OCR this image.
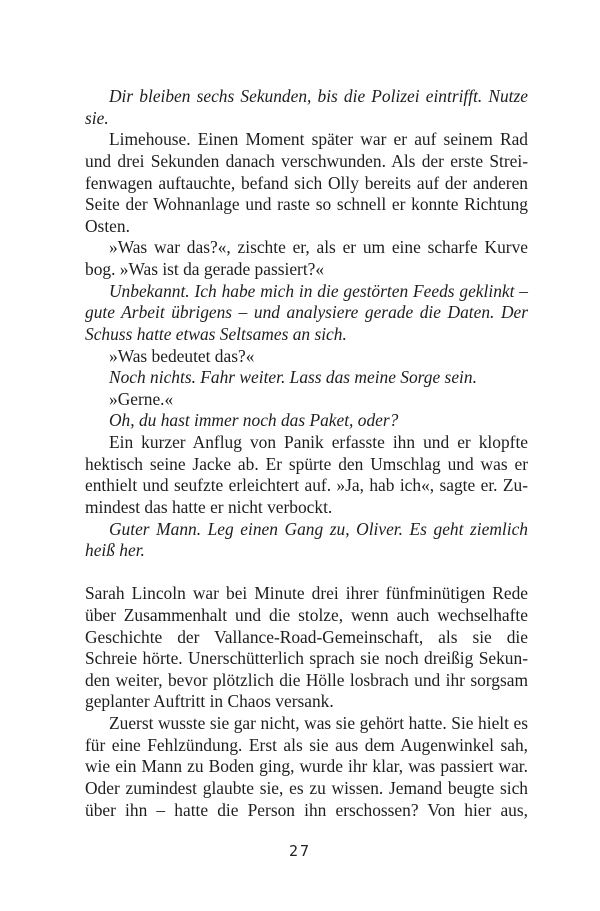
Dir bleiben sechs Sekunden, bis die Polizei eintrifft. Nutze sie.

Limehouse. Einen Moment später war er auf seinem Rad und drei Sekunden danach verschwunden. Als der erste Streifenwagen auftauchte, befand sich Olly bereits auf der anderen Seite der Wohnanlage und raste so schnell er konnte Richtung Osten.

»Was war das?«, zischte er, als er um eine scharfe Kurve bog. »Was ist da gerade passiert?«

Unbekannt. Ich habe mich in die gestörten Feeds geklinkt – gute Arbeit übrigens – und analysiere gerade die Daten. Der Schuss hatte etwas Seltsames an sich.

»Was bedeutet das?«

Noch nichts. Fahr weiter. Lass das meine Sorge sein.

»Gerne.«

Oh, du hast immer noch das Paket, oder?

Ein kurzer Anflug von Panik erfasste ihn und er klopfte hektisch seine Jacke ab. Er spürte den Umschlag und was er enthielt und seufzte erleichtert auf. »Ja, hab ich«, sagte er. Zumindest das hatte er nicht verbockt.

Guter Mann. Leg einen Gang zu, Oliver. Es geht ziemlich heiß her.

Sarah Lincoln war bei Minute drei ihrer fünfminütigen Rede über Zusammenhalt und die stolze, wenn auch wechselhafte Geschichte der Vallance-Road-Gemeinschaft, als sie die Schreie hörte. Unerschütterlich sprach sie noch dreißig Sekunden weiter, bevor plötzlich die Hölle losbrach und ihr sorgsam geplanter Auftritt in Chaos versank.

Zuerst wusste sie gar nicht, was sie gehört hatte. Sie hielt es für eine Fehlzündung. Erst als sie aus dem Augenwinkel sah, wie ein Mann zu Boden ging, wurde ihr klar, was passiert war. Oder zumindest glaubte sie, es zu wissen. Jemand beugte sich über ihn – hatte die Person ihn erschossen? Von hier aus,

27
